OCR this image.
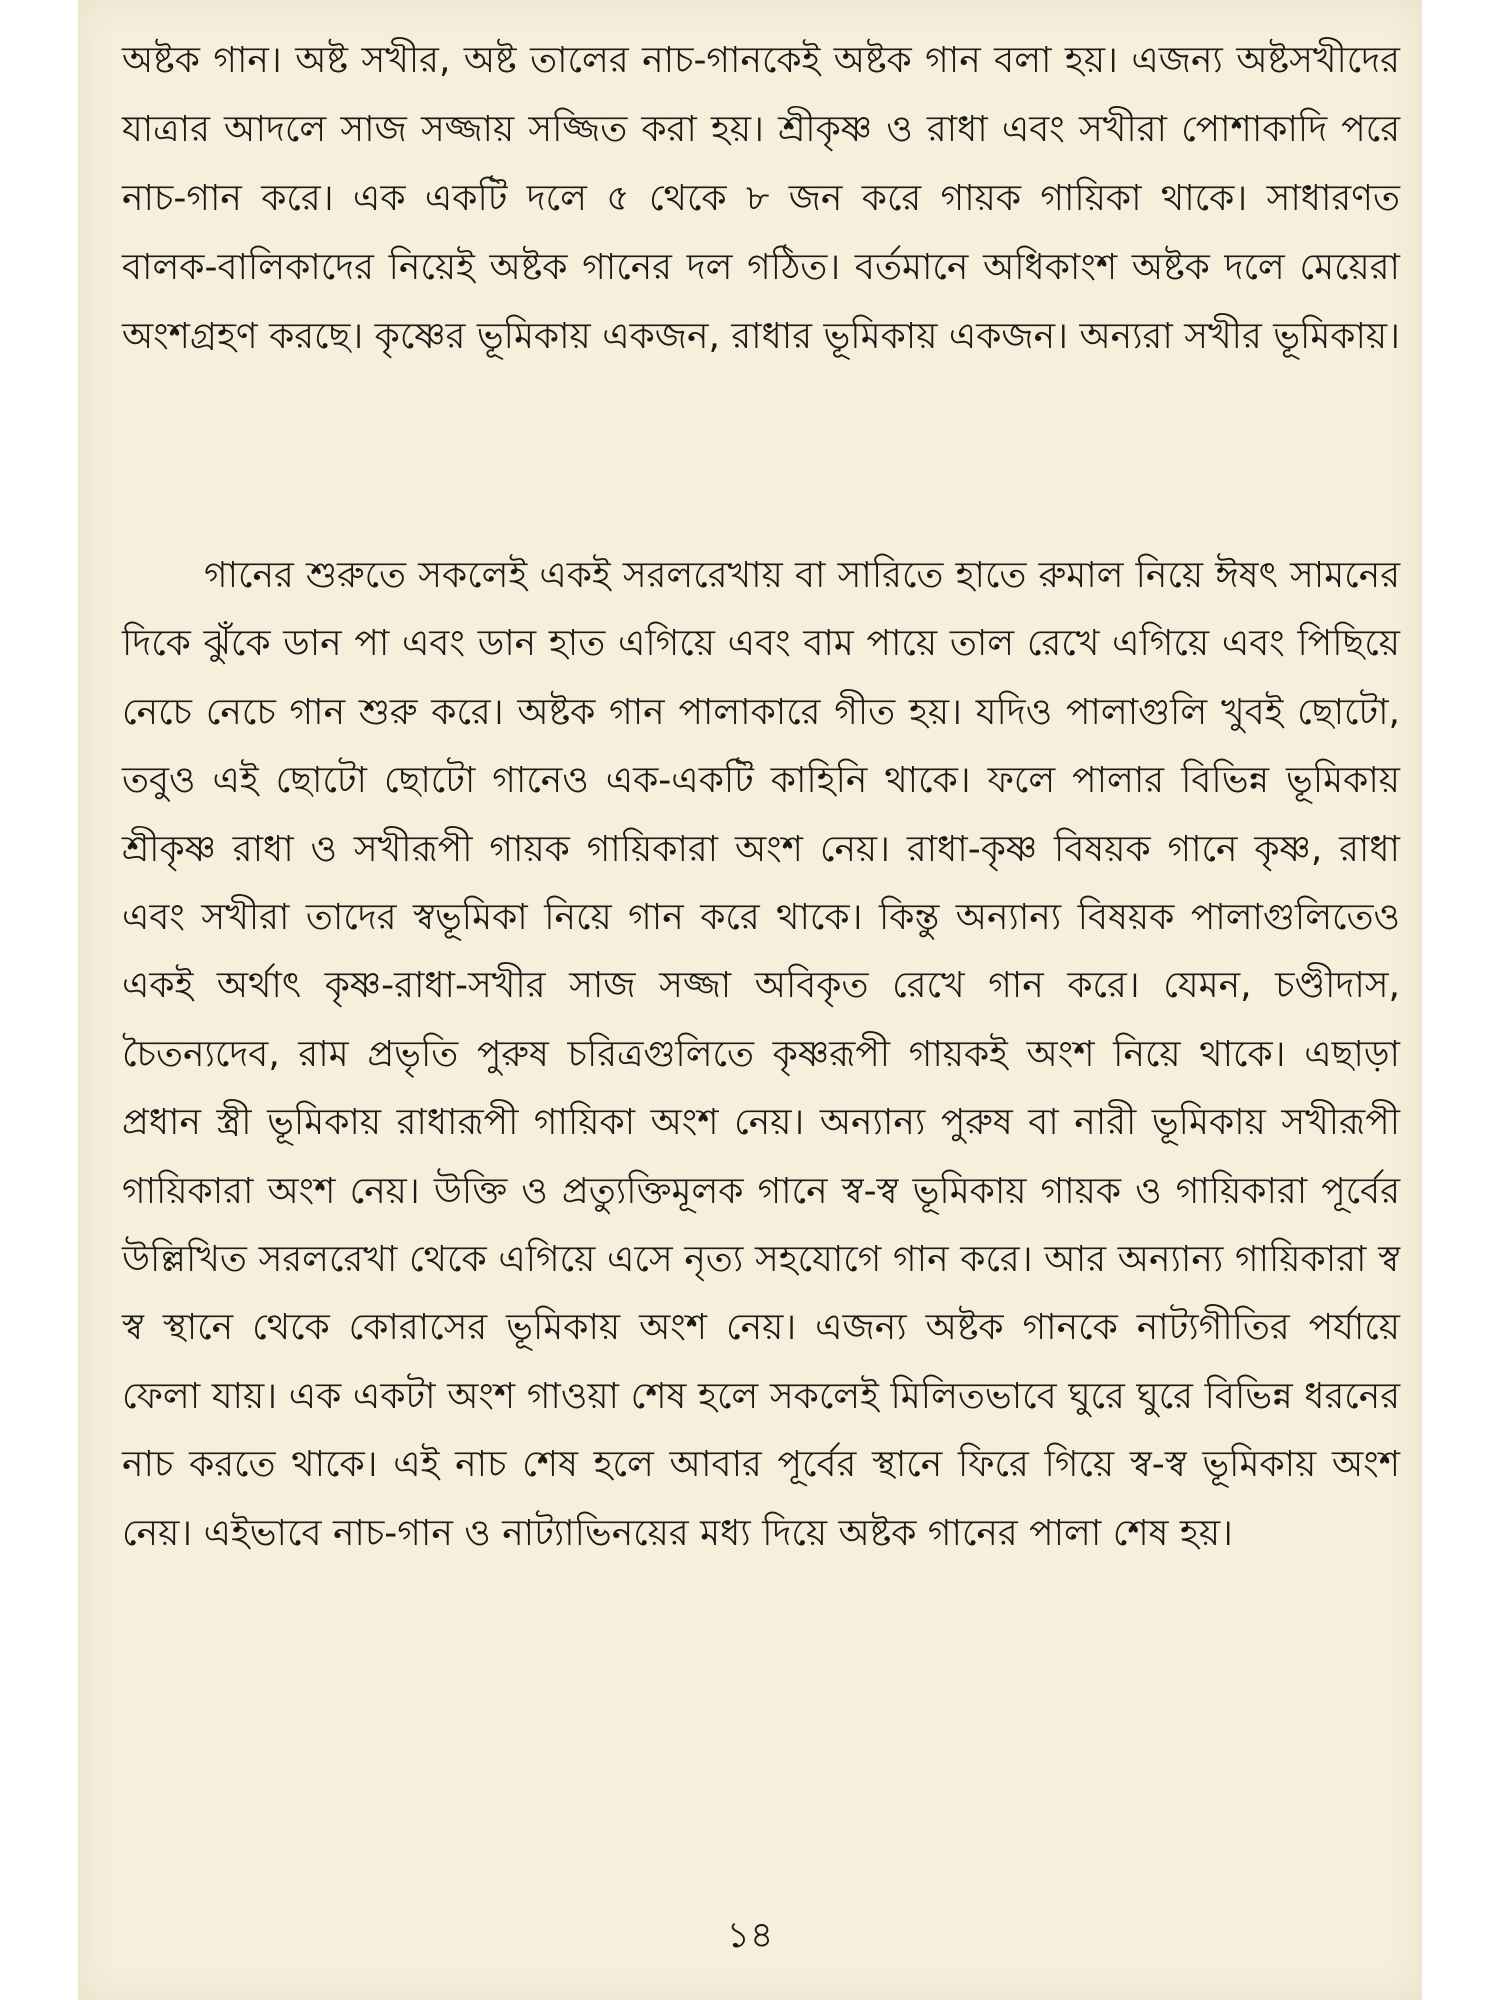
অষ্টক গান। অষ্ট সখীর, অষ্ট তালের নাচ-গানকেই অষ্টক গান বলা হয়। এজন্য অষ্টসখীদের যাত্রার আদলে সাজ সজ্জায় সজ্জিত করা হয়। শ্রীকৃষ্ণ ও রাধা এবং সখীরা পোশাকাদি পরে নাচ-গান করে। এক একটি দলে ৫ থেকে ৮ জন করে গায়ক গায়িকা থাকে। সাধারণত বালক-বালিকাদের নিয়েই অষ্টক গানের দল গঠিত। বর্তমানে অধিকাংশ অষ্টক দলে মেয়েরা অংশগ্রহণ করছে। কৃষ্ণের ভূমিকায় একজন, রাধার ভূমিকায় একজন। অন্যরা সখীর ভূমিকায়।

গানের শুরুতে সকলেই একই সরলরেখায় বা সারিতে হাতে রুমাল নিয়ে ঈষৎ সামনের দিকে ঝুঁকে ডান পা এবং ডান হাত এগিয়ে এবং বাম পায়ে তাল রেখে এগিয়ে এবং পিছিয়ে নেচে নেচে গান শুরু করে। অষ্টক গান পালাকারে গীত হয়। যদিও পালাগুলি খুবই ছোটো, তবুও এই ছোটো ছোটো গানেও এক-একটি কাহিনি থাকে। ফলে পালার বিভিন্ন ভূমিকায় শ্রীকৃষ্ণ রাধা ও সখীরূপী গায়ক গায়িকারা অংশ নেয়। রাধা-কৃষ্ণ বিষয়ক গানে কৃষ্ণ, রাধা এবং সখীরা তাদের স্বভূমিকা নিয়ে গান করে থাকে। কিন্তু অন্যান্য বিষয়ক পালাগুলিতেও একই অর্থাৎ কৃষ্ণ-রাধা-সখীর সাজ সজ্জা অবিকৃত রেখে গান করে। যেমন, চণ্ডীদাস, চৈতন্যদেব, রাম প্রভৃতি পুরুষ চরিত্রগুলিতে কৃষ্ণরূপী গায়কই অংশ নিয়ে থাকে। এছাড়া প্রধান স্ত্রী ভূমিকায় রাধারূপী গায়িকা অংশ নেয়। অন্যান্য পুরুষ বা নারী ভূমিকায় সখীরূপী গায়িকারা অংশ নেয়। উক্তি ও প্রত্যুক্তিমূলক গানে স্ব-স্ব ভূমিকায় গায়ক ও গায়িকারা পূর্বের উল্লিখিত সরলরেখা থেকে এগিয়ে এসে নৃত্য সহযোগে গান করে। আর অন্যান্য গায়িকারা স্ব স্ব স্থানে থেকে কোরাসের ভূমিকায় অংশ নেয়। এজন্য অষ্টক গানকে নাট্যগীতির পর্যায়ে ফেলা যায়। এক একটা অংশ গাওয়া শেষ হলে সকলেই মিলিতভাবে ঘুরে ঘুরে বিভিন্ন ধরনের নাচ করতে থাকে। এই নাচ শেষ হলে আবার পূর্বের স্থানে ফিরে গিয়ে স্ব-স্ব ভূমিকায় অংশ নেয়। এইভাবে নাচ-গান ও নাট্যাভিনয়ের মধ্য দিয়ে অষ্টক গানের পালা শেষ হয়।

১৪
